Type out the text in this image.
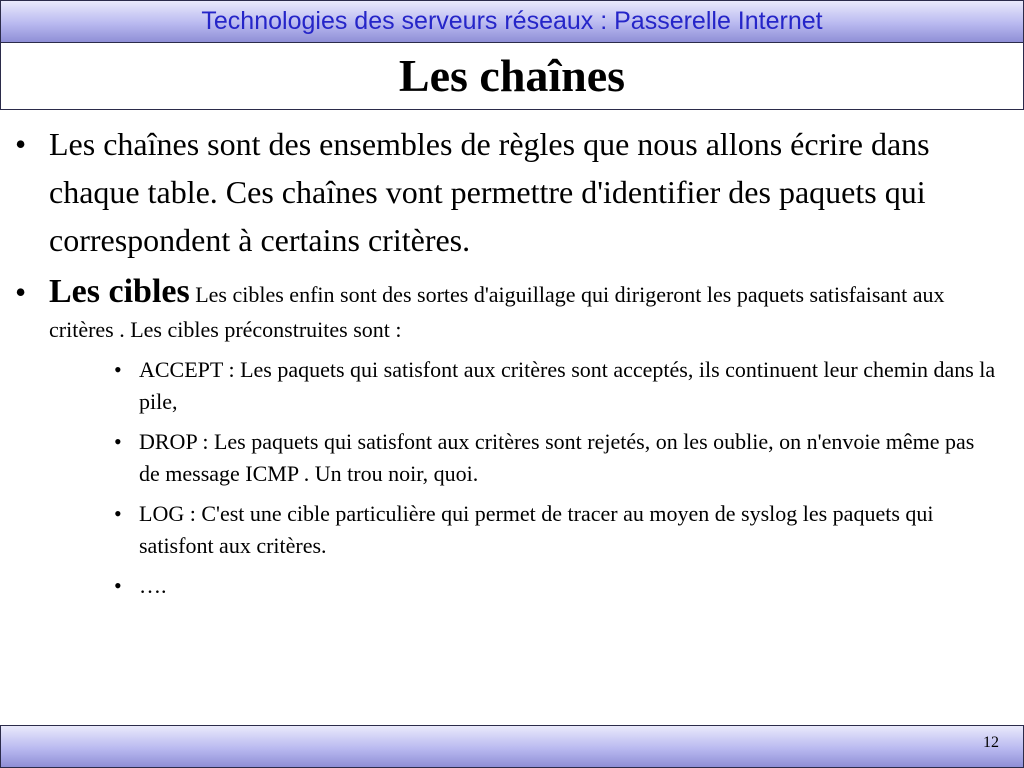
Technologies des serveurs réseaux : Passerelle Internet
Les chaînes
• Les chaînes sont des ensembles de règles que nous allons écrire dans chaque table. Ces chaînes vont permettre d'identifier des paquets qui correspondent à certains critères.
• Les cibles Les cibles enfin sont des sortes d'aiguillage qui dirigeront les paquets satisfaisant aux critères . Les cibles préconstruites sont :
• ACCEPT : Les paquets qui satisfont aux critères sont acceptés, ils continuent leur chemin dans la pile,
• DROP : Les paquets qui satisfont aux critères sont rejetés, on les oublie, on n'envoie même pas de message ICMP . Un trou noir, quoi.
• LOG : C'est une cible particulière qui permet de tracer au moyen de syslog les paquets qui satisfont aux critères.
• ….
12
